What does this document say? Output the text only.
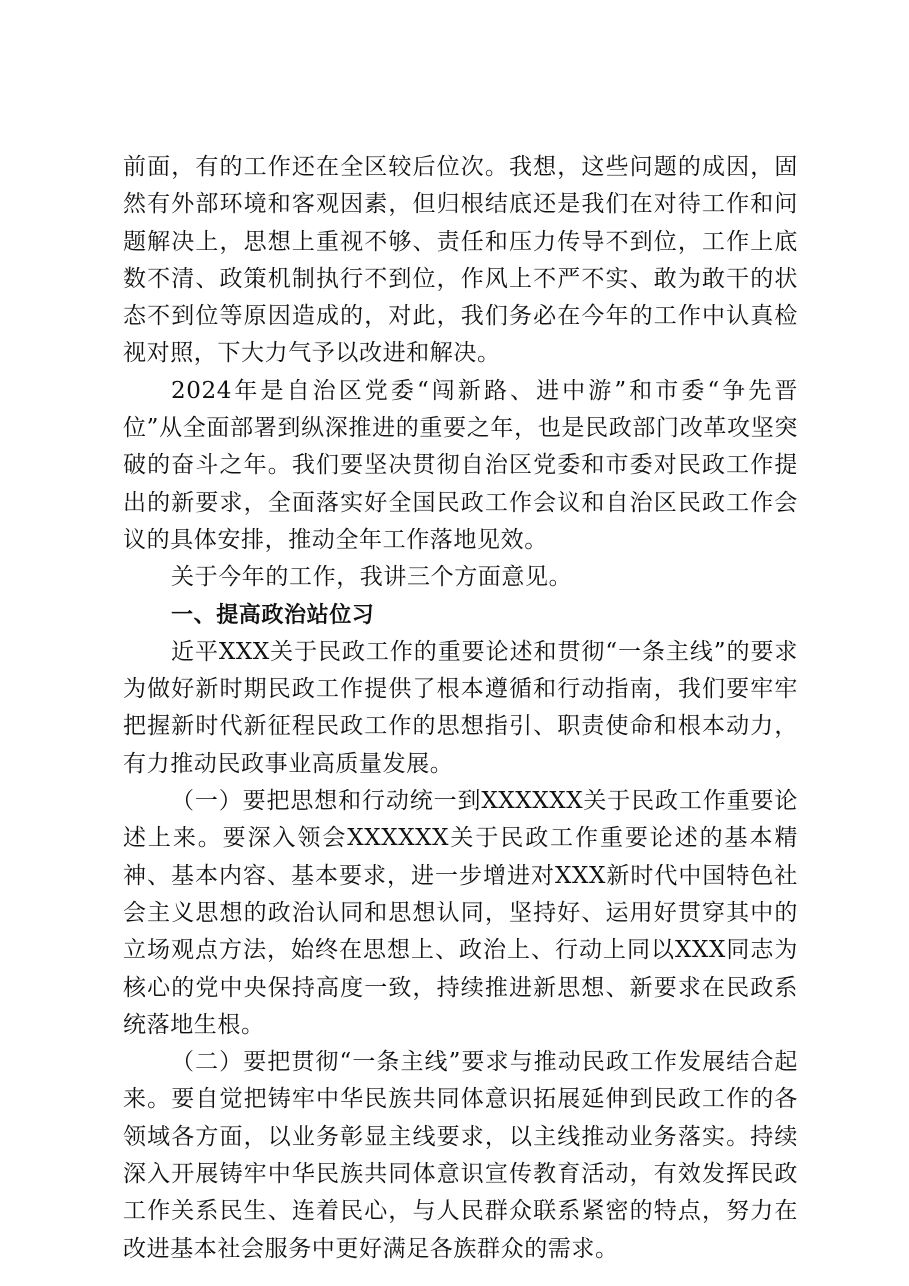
前面，有的工作还在全区较后位次。我想，这些问题的成因，固然有外部环境和客观因素，但归根结底还是我们在对待工作和问题解决上，思想上重视不够、责任和压力传导不到位，工作上底数不清、政策机制执行不到位，作风上不严不实、敢为敢干的状态不到位等原因造成的，对此，我们务必在今年的工作中认真检视对照，下大力气予以改进和解决。

2024年是自治区党委“闯新路、进中游”和市委“争先晋位”从全面部署到纵深推进的重要之年，也是民政部门改革攻坚突破的奋斗之年。我们要坚决贯彻自治区党委和市委对民政工作提出的新要求，全面落实好全国民政工作会议和自治区民政工作会议的具体安排，推动全年工作落地见效。

关于今年的工作，我讲三个方面意见。

一、提高政治站位习

近平XXX关于民政工作的重要论述和贯彻“一条主线”的要求为做好新时期民政工作提供了根本遵循和行动指南，我们要牢牢把握新时代新征程民政工作的思想指引、职责使命和根本动力，有力推动民政事业高质量发展。

（一）要把思想和行动统一到XXXXXX关于民政工作重要论述上来。要深入领会XXXXXX关于民政工作重要论述的基本精神、基本内容、基本要求，进一步增进对XXX新时代中国特色社会主义思想的政治认同和思想认同，坚持好、运用好贯穿其中的立场观点方法，始终在思想上、政治上、行动上同以XXX同志为核心的党中央保持高度一致，持续推进新思想、新要求在民政系统落地生根。

（二）要把贯彻“一条主线”要求与推动民政工作发展结合起来。要自觉把铸牢中华民族共同体意识拓展延伸到民政工作的各领域各方面，以业务彰显主线要求，以主线推动业务落实。持续深入开展铸牢中华民族共同体意识宣传教育活动，有效发挥民政工作关系民生、连着民心，与人民群众联系紧密的特点，努力在改进基本社会服务中更好满足各族群众的需求。
